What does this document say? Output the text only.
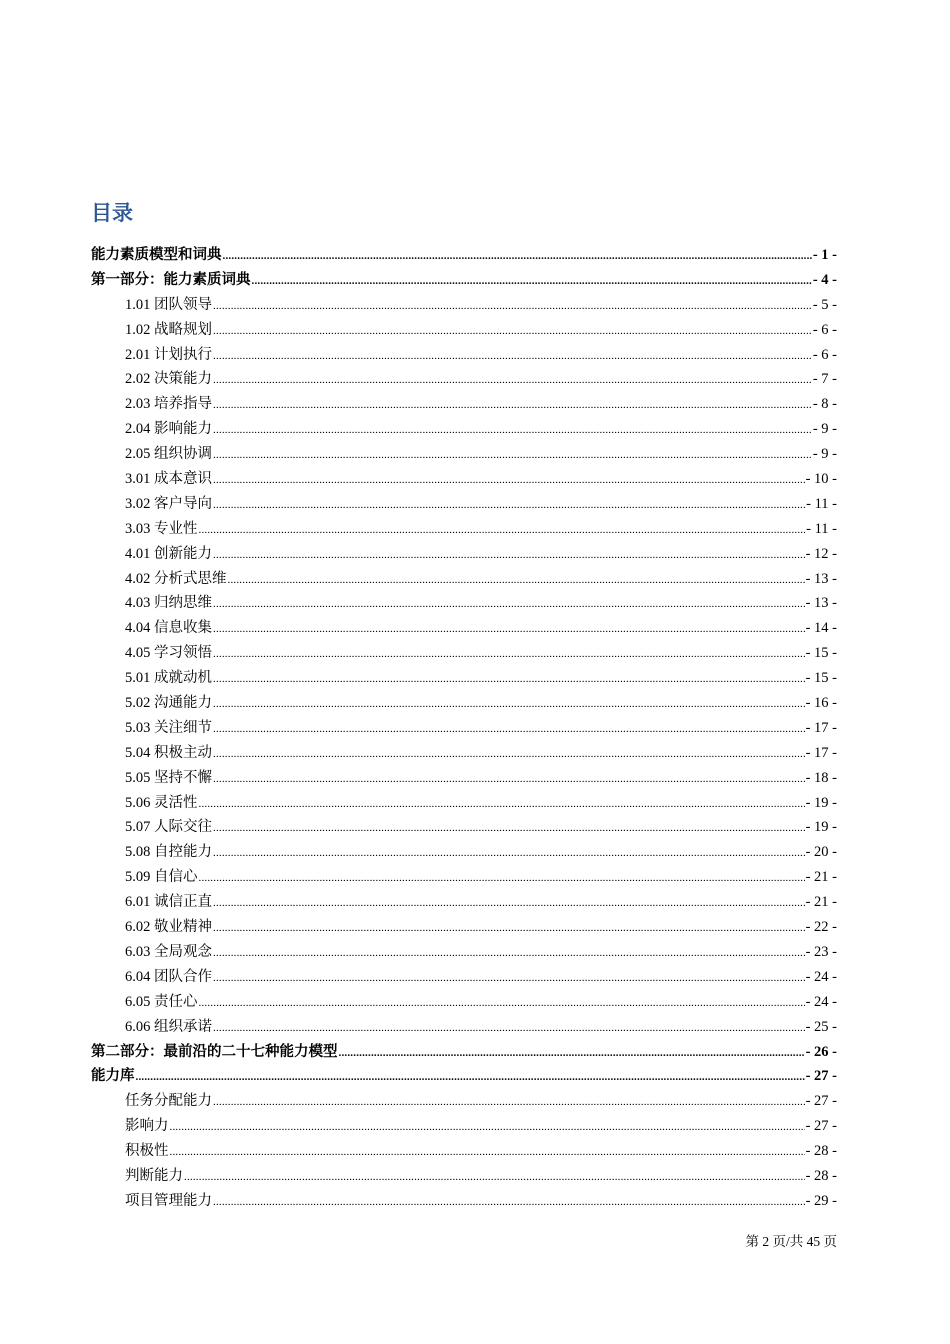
目录
能力素质模型和词典 .....	- 1 -
第一部分：能力素质词典 .....	- 4 -
1.01 团队领导 .....	- 5 -
1.02 战略规划 .....	- 6 -
2.01 计划执行 .....	- 6 -
2.02 决策能力 .....	- 7 -
2.03 培养指导 .....	- 8 -
2.04 影响能力 .....	- 9 -
2.05 组织协调 .....	- 9 -
3.01 成本意识 .....	- 10 -
3.02 客户导向 .....	- 11 -
3.03 专业性 .....	- 11 -
4.01 创新能力 .....	- 12 -
4.02 分析式思维 .....	- 13 -
4.03 归纳思维 .....	- 13 -
4.04 信息收集 .....	- 14 -
4.05 学习领悟 .....	- 15 -
5.01 成就动机 .....	- 15 -
5.02 沟通能力 .....	- 16 -
5.03 关注细节 .....	- 17 -
5.04 积极主动 .....	- 17 -
5.05 坚持不懈 .....	- 18 -
5.06 灵活性 .....	- 19 -
5.07 人际交往 .....	- 19 -
5.08 自控能力 .....	- 20 -
5.09 自信心 .....	- 21 -
6.01 诚信正直 .....	- 21 -
6.02 敬业精神 .....	- 22 -
6.03 全局观念 .....	- 23 -
6.04 团队合作 .....	- 24 -
6.05 责任心 .....	- 24 -
6.06 组织承诺 .....	- 25 -
第二部分：最前沿的二十七种能力模型 .....	- 26 -
能力库 .....	- 27 -
任务分配能力 .....	- 27 -
影响力 .....	- 27 -
积极性 .....	- 28 -
判断能力 .....	- 28 -
项目管理能力 .....	- 29 -
第 2 页/共 45 页
